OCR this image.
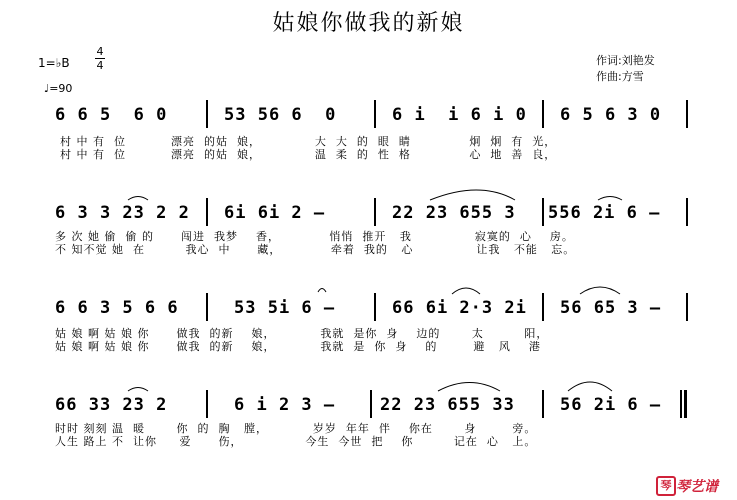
姑娘你做我的新娘
1=♭B
4
4
♩=90
作词:刘艳发
作曲:方雪
6 6 5  6 0	53 56 6  0	6 i  i 6 i 0 6 5 6 3 0
村 中 有  位          漂亮  的姑  娘，            大  大  的  眼  睛             炯  炯  有  光，
村 中 有  位          漂亮  的姑  娘，            温  柔  的  性  格             心  地  善  良，
6 3 3 23 2 2 6i 6i 2 –	22 23 655 3 556 2i 6 –
多 次 她 偷  偷 的      闯进  我梦    香，           悄悄  推开   我              寂寞的  心    房。
不 知不觉 她  在         我心  中      藏，           牵着  我的   心              让我   不能   忘。
6 6 3 5 6 6	53 5i 6 –	66 6i 2·3 2i 56 65 3 –
姑 娘 啊 姑 娘 你      做我  的新    娘，          我就  是你  身    边的       太         阳，
姑 娘 啊 姑 娘 你      做我  的新    娘，          我就  是  你  身    的        避   风    港
66 33 23 2	6 i 2 3 –	22 23 655 33	56 2i 6 –
时时 刻刻 温  暖       你  的  胸   膛，          岁岁  年年  伴    你在       身        旁。
人生 路上 不  让你     爱      伤，              今生  今世  把    你         记在  心   上。
琴 琴艺谱
